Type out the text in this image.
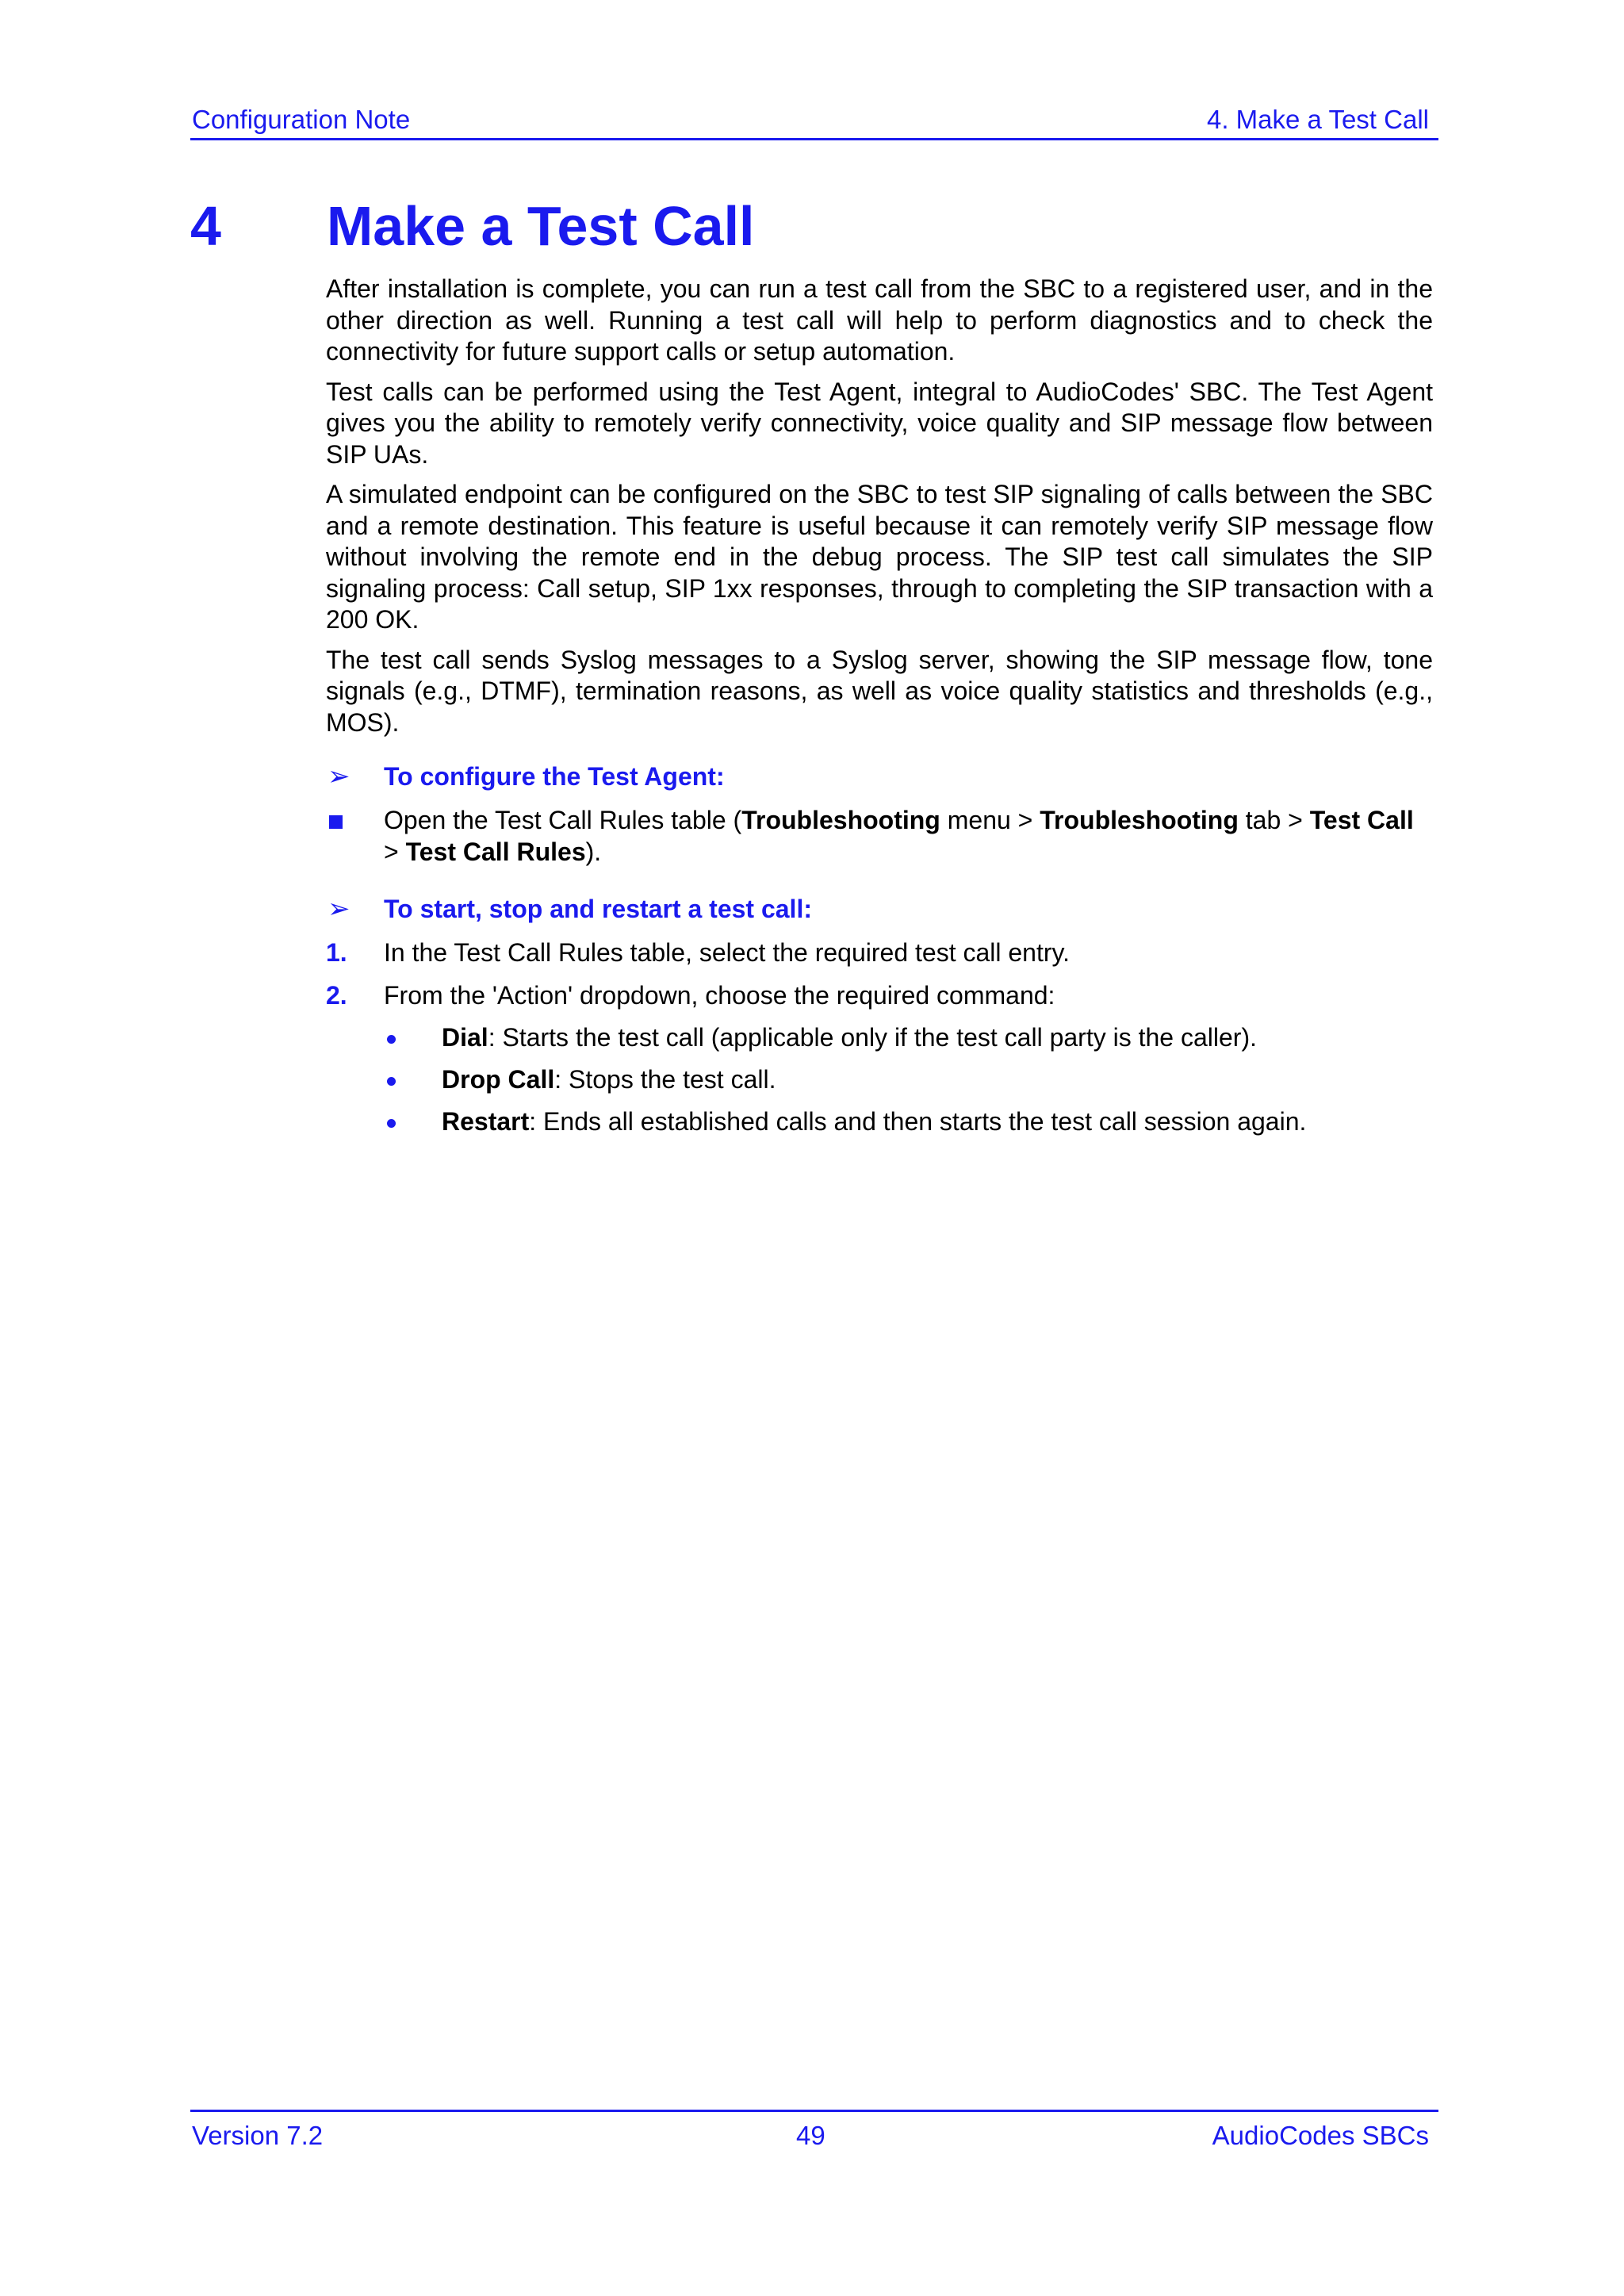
Configuration Note	4. Make a Test Call
4 Make a Test Call

After installation is complete, you can run a test call from the SBC to a registered user, and in the other direction as well. Running a test call will help to perform diagnostics and to check the connectivity for future support calls or setup automation.

Test calls can be performed using the Test Agent, integral to AudioCodes' SBC. The Test Agent gives you the ability to remotely verify connectivity, voice quality and SIP message flow between SIP UAs.

A simulated endpoint can be configured on the SBC to test SIP signaling of calls between the SBC and a remote destination. This feature is useful because it can remotely verify SIP message flow without involving the remote end in the debug process. The SIP test call simulates the SIP signaling process: Call setup, SIP 1xx responses, through to completing the SIP transaction with a 200 OK.

The test call sends Syslog messages to a Syslog server, showing the SIP message flow, tone signals (e.g., DTMF), termination reasons, as well as voice quality statistics and thresholds (e.g., MOS).

➢ To configure the Test Agent:
Open the Test Call Rules table (Troubleshooting menu > Troubleshooting tab > Test Call > Test Call Rules).
➢ To start, stop and restart a test call:
1. In the Test Call Rules table, select the required test call entry.
2. From the 'Action' dropdown, choose the required command:
Dial: Starts the test call (applicable only if the test call party is the caller).
Drop Call: Stops the test call.
Restart: Ends all established calls and then starts the test call session again.
Version 7.2	49	AudioCodes SBCs
